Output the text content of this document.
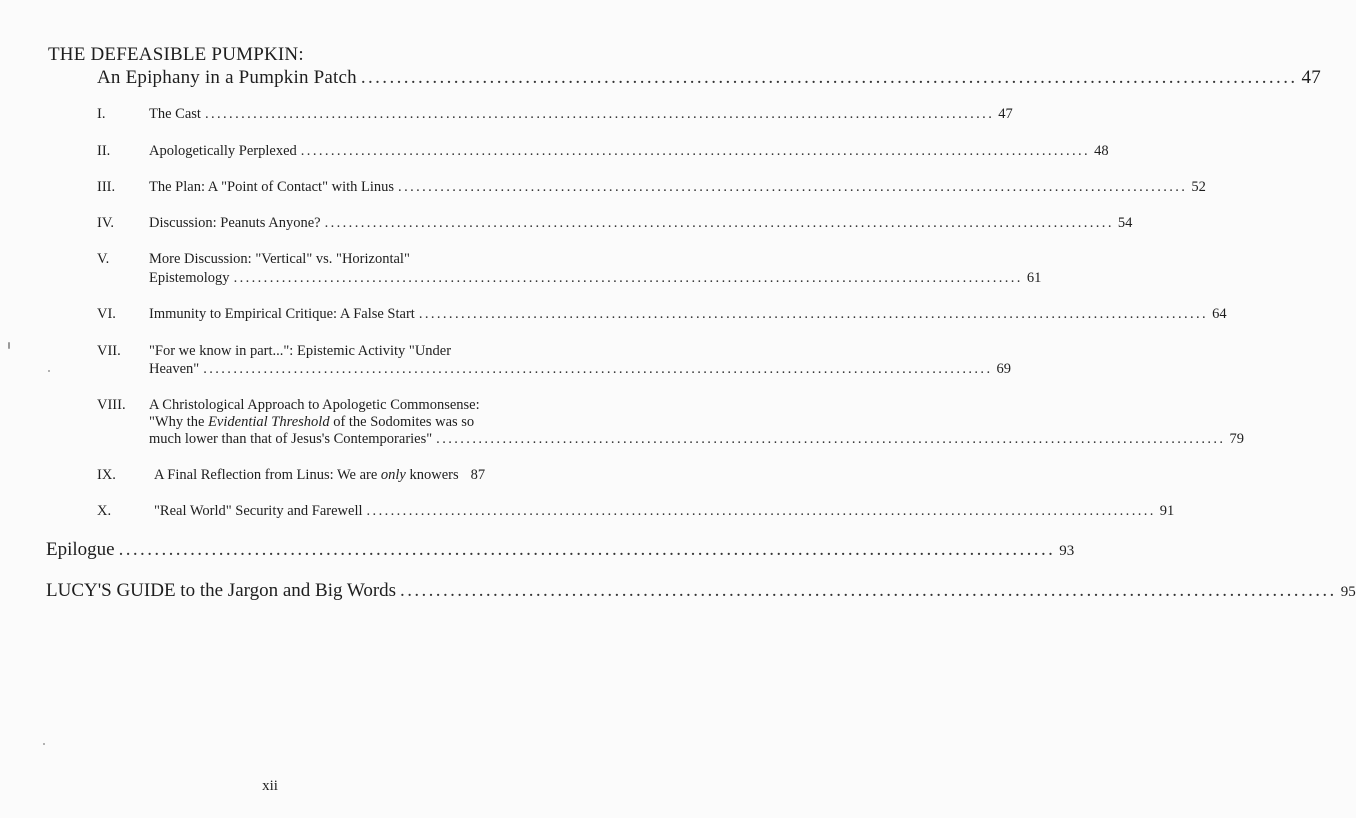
THE DEFEASIBLE PUMPKIN:
An Epiphany in a Pumpkin Patch ................................................................................................................................... 47
I.	The Cast ................................................................................................................................... 47
II.	Apologetically Perplexed ................................................................................................................................... 48
III. The Plan: A "Point of Contact" with Linus ................................................................................................................................... 52
IV. Discussion: Peanuts Anyone? ................................................................................................................................... 54
V.	More Discussion: "Vertical" vs. "Horizontal"
Epistemology ................................................................................................................................... 61
VI. Immunity to Empirical Critique: A False Start ................................................................................................................................... 64
VII. "For we know in part...": Epistemic Activity "Under
Heaven" ................................................................................................................................... 69
VIII. A Christological Approach to Apologetic Commonsense:
"Why the Evidential Threshold of the Sodomites was so
much lower than that of Jesus's Contemporaries" ................................................................................................................................... 79
IX.	A Final Reflection from Linus: We are only knowers 87
X.	"Real World" Security and Farewell ................................................................................................................................... 91
Epilogue ................................................................................................................................... 93
LUCY'S GUIDE to the Jargon and Big Words ................................................................................................................................... 95
xii
